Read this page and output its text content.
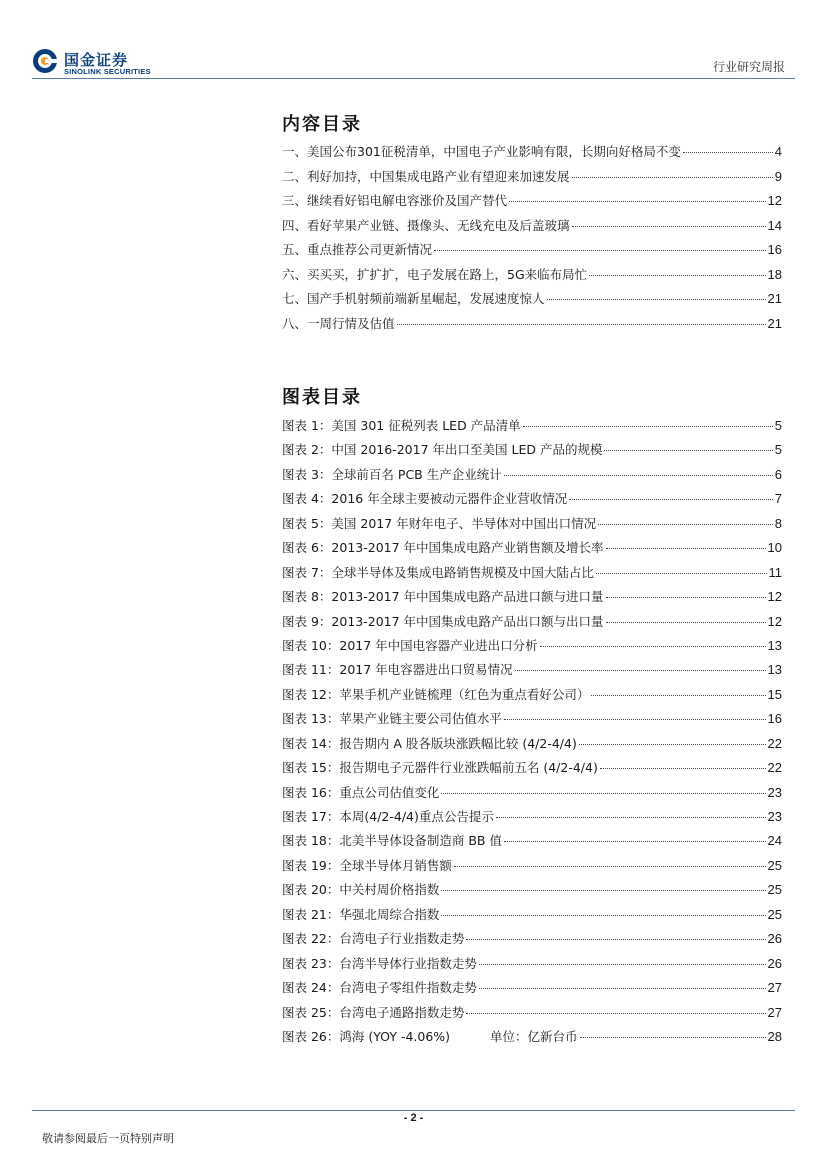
国金证券
SINOLINK SECURITIES	行业研究周报
内容目录
一、美国公布301征税清单，中国电子产业影响有限，长期向好格局不变	4
二、利好加持，中国集成电路产业有望迎来加速发展	9
三、继续看好铝电解电容涨价及国产替代	12
四、看好苹果产业链、摄像头、无线充电及后盖玻璃	14
五、重点推荐公司更新情况	16
六、买买买，扩扩扩，电子发展在路上，5G来临布局忙	18
七、国产手机射频前端新星崛起，发展速度惊人	21
八、一周行情及估值	21
图表目录
图表 1：美国 301 征税列表 LED 产品清单	5
图表 2：中国 2016-2017 年出口至美国 LED 产品的规模	5
图表 3：全球前百名 PCB 生产企业统计	6
图表 4：2016 年全球主要被动元器件企业营收情况	7
图表 5：美国 2017 年财年电子、半导体对中国出口情况	8
图表 6：2013-2017 年中国集成电路产业销售额及增长率	10
图表 7：全球半导体及集成电路销售规模及中国大陆占比	11
图表 8：2013-2017 年中国集成电路产品进口额与进口量	12
图表 9：2013-2017 年中国集成电路产品出口额与出口量	12
图表 10：2017 年中国电容器产业进出口分析	13
图表 11：2017 年电容器进出口贸易情况	13
图表 12：苹果手机产业链梳理（红色为重点看好公司）	15
图表 13：苹果产业链主要公司估值水平	16
图表 14：报告期内 A 股各版块涨跌幅比较 (4/2-4/4)	22
图表 15：报告期电子元器件行业涨跌幅前五名 (4/2-4/4)	22
图表 16：重点公司估值变化	23
图表 17：本周(4/2-4/4)重点公告提示	23
图表 18：北美半导体设备制造商 BB 值	24
图表 19：全球半导体月销售额	25
图表 20：中关村周价格指数	25
图表 21：华强北周综合指数	25
图表 22：台湾电子行业指数走势	26
图表 23：台湾半导体行业指数走势	26
图表 24：台湾电子零组件指数走势	27
图表 25：台湾电子通路指数走势	27
图表 26：鸿海 (YOY -4.06%)	单位：亿新台币	28
- 2 -
敬请参阅最后一页特别声明
